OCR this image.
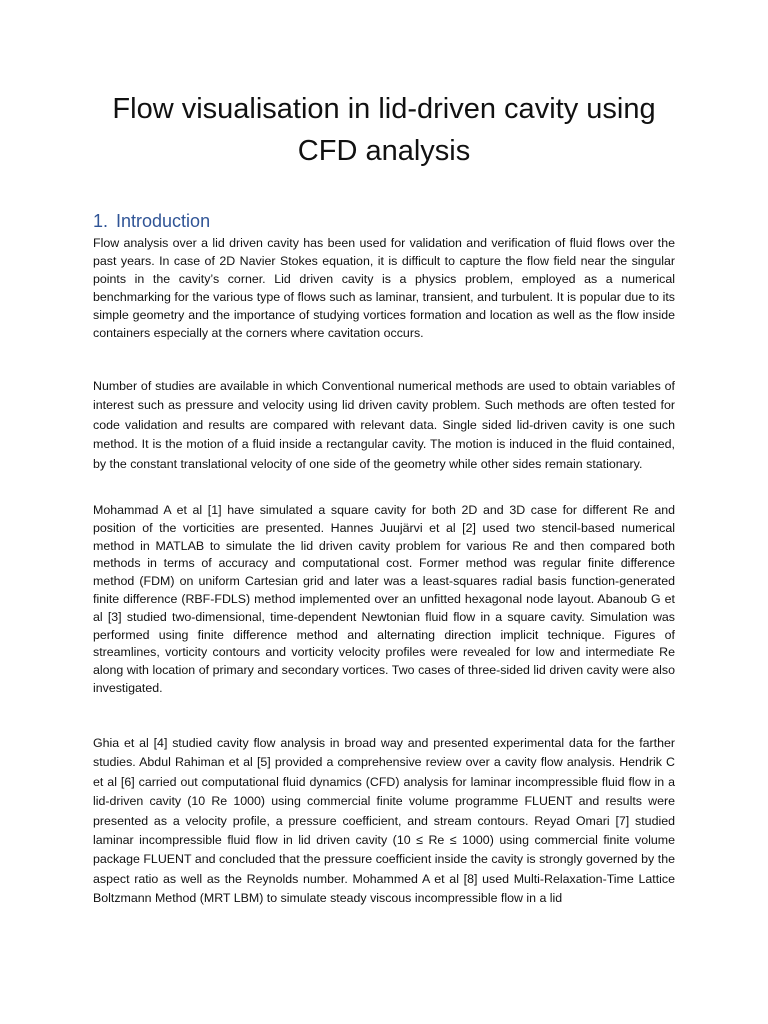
Flow visualisation in lid-driven cavity using CFD analysis
1. Introduction

Flow analysis over a lid driven cavity has been used for validation and verification of fluid flows over the past years. In case of 2D Navier Stokes equation, it is difficult to capture the flow field near the singular points in the cavity’s corner. Lid driven cavity is a physics problem, employed as a numerical benchmarking for the various type of flows such as laminar, transient, and turbulent. It is popular due to its simple geometry and the importance of studying vortices formation and location as well as the flow inside containers especially at the corners where cavitation occurs.

Number of studies are available in which Conventional numerical methods are used to obtain variables of interest such as pressure and velocity using lid driven cavity problem. Such methods are often tested for code validation and results are compared with relevant data. Single sided lid-driven cavity is one such method. It is the motion of a fluid inside a rectangular cavity. The motion is induced in the fluid contained, by the constant translational velocity of one side of the geometry while other sides remain stationary.

Mohammad A et al [1] have simulated a square cavity for both 2D and 3D case for different Re and position of the vorticities are presented. Hannes Juujärvi et al [2] used two stencil-based numerical method in MATLAB to simulate the lid driven cavity problem for various Re and then compared both methods in terms of accuracy and computational cost. Former method was regular finite difference method (FDM) on uniform Cartesian grid and later was a least-squares radial basis function-generated finite difference (RBF-FDLS) method implemented over an unfitted hexagonal node layout. Abanoub G et al [3] studied two-dimensional, time-dependent Newtonian fluid flow in a square cavity. Simulation was performed using finite difference method and alternating direction implicit technique. Figures of streamlines, vorticity contours and vorticity velocity profiles were revealed for low and intermediate Re along with location of primary and secondary vortices. Two cases of three-sided lid driven cavity were also investigated.

Ghia et al [4] studied cavity flow analysis in broad way and presented experimental data for the farther studies. Abdul Rahiman et al [5] provided a comprehensive review over a cavity flow analysis. Hendrik C et al [6] carried out computational fluid dynamics (CFD) analysis for laminar incompressible fluid flow in a lid-driven cavity (10 Re 1000) using commercial finite volume programme FLUENT and results were presented as a velocity profile, a pressure coefficient, and stream contours. Reyad Omari [7] studied laminar incompressible fluid flow in lid driven cavity (10 ≤ Re ≤ 1000) using commercial finite volume package FLUENT and concluded that the pressure coefficient inside the cavity is strongly governed by the aspect ratio as well as the Reynolds number. Mohammed A et al [8] used Multi-Relaxation-Time Lattice Boltzmann Method (MRT LBM) to simulate steady viscous incompressible flow in a lid
